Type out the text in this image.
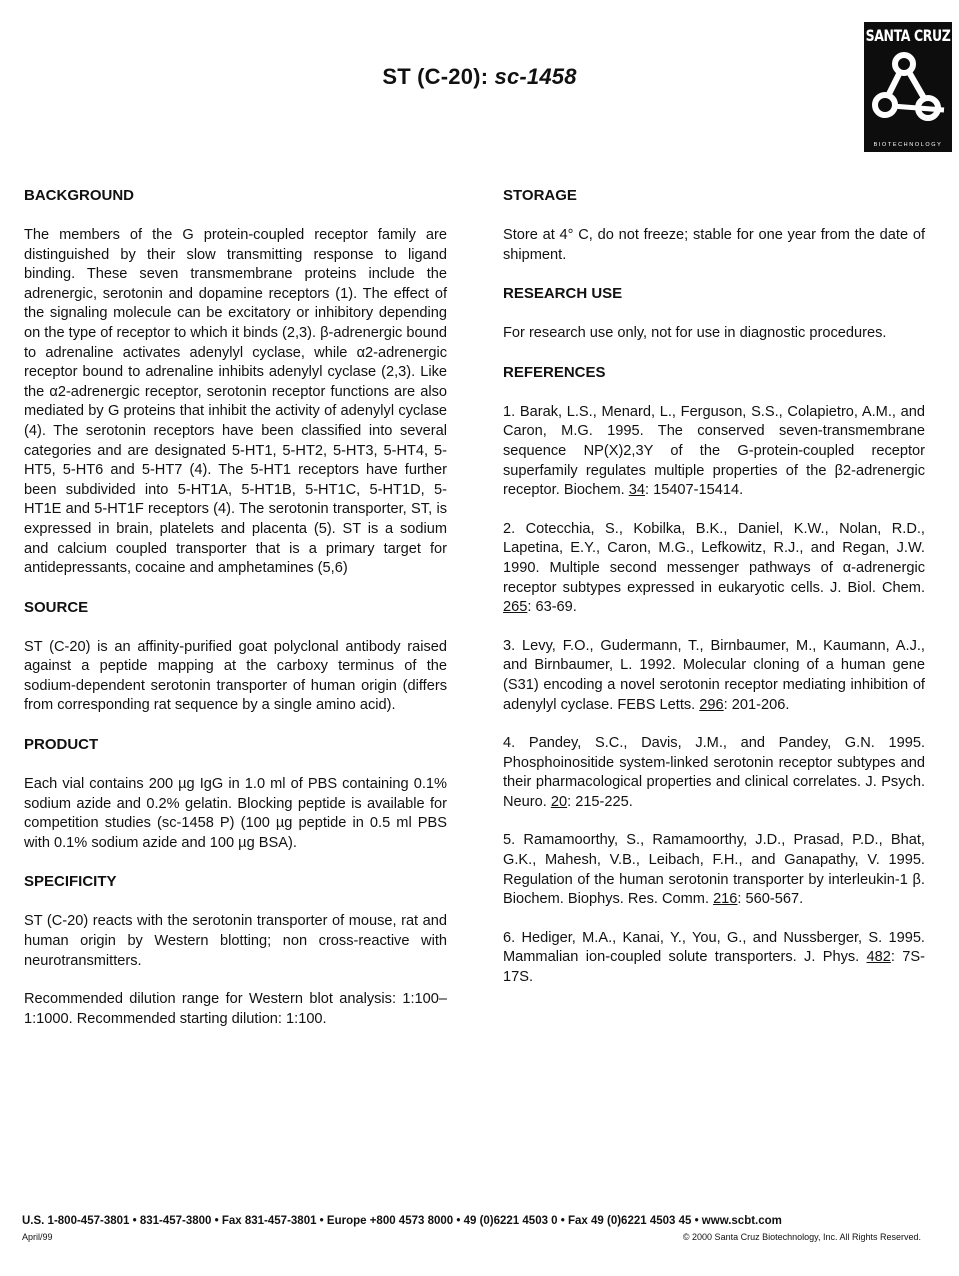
ST (C-20): sc-1458
SANTA CRUZ
BIOTECHNOLOGY
BACKGROUND

The members of the G protein-coupled receptor family are distinguished by their slow transmitting response to ligand binding. These seven transmembrane proteins include the adrenergic, serotonin and dopamine receptors (1). The effect of the signaling molecule can be excitatory or inhibitory depending on the type of receptor to which it binds (2,3). β-adrenergic bound to adrenaline activates adenylyl cyclase, while α2-adrenergic receptor bound to adrenaline inhibits adenylyl cyclase (2,3). Like the α2-adrenergic receptor, serotonin receptor functions are also mediated by G proteins that inhibit the activity of adenylyl cyclase (4). The serotonin receptors have been classified into several categories and are designated 5-HT1, 5-HT2, 5-HT3, 5-HT4, 5-HT5, 5-HT6 and 5-HT7 (4). The 5-HT1 receptors have further been subdivided into 5-HT1A, 5-HT1B, 5-HT1C, 5-HT1D, 5-HT1E and 5-HT1F receptors (4). The serotonin transporter, ST, is expressed in brain, platelets and placenta (5). ST is a sodium and calcium coupled transporter that is a primary target for antidepressants, cocaine and amphetamines (5,6)

SOURCE

ST (C-20) is an affinity-purified goat polyclonal antibody raised against a peptide mapping at the carboxy terminus of the sodium-dependent serotonin transporter of human origin (differs from corresponding rat sequence by a single amino acid).

PRODUCT

Each vial contains 200 µg IgG in 1.0 ml of PBS containing 0.1% sodium azide and 0.2% gelatin. Blocking peptide is available for competition studies (sc-1458 P) (100 µg peptide in 0.5 ml PBS with 0.1% sodium azide and 100 µg BSA).

SPECIFICITY

ST (C-20) reacts with the serotonin transporter of mouse, rat and human origin by Western blotting; non cross-reactive with neurotransmitters.

Recommended dilution range for Western blot analysis: 1:100–1:1000. Recommended starting dilution: 1:100.

STORAGE

Store at 4° C, do not freeze; stable for one year from the date of shipment.

RESEARCH USE

For research use only, not for use in diagnostic procedures.

REFERENCES
1. Barak, L.S., Menard, L., Ferguson, S.S., Colapietro, A.M., and Caron, M.G. 1995. The conserved seven-transmembrane sequence NP(X)2,3Y of the G-protein-coupled receptor superfamily regulates multiple properties of the β2-adrenergic receptor. Biochem. 34: 15407-15414.
2. Cotecchia, S., Kobilka, B.K., Daniel, K.W., Nolan, R.D., Lapetina, E.Y., Caron, M.G., Lefkowitz, R.J., and Regan, J.W. 1990. Multiple second messenger pathways of α-adrenergic receptor subtypes expressed in eukaryotic cells. J. Biol. Chem. 265: 63-69.
3. Levy, F.O., Gudermann, T., Birnbaumer, M., Kaumann, A.J., and Birnbaumer, L. 1992. Molecular cloning of a human gene (S31) encoding a novel serotonin receptor mediating inhibition of adenylyl cyclase. FEBS Letts. 296: 201-206.
4. Pandey, S.C., Davis, J.M., and Pandey, G.N. 1995. Phosphoinositide system-linked serotonin receptor subtypes and their pharmacological properties and clinical correlates. J. Psych. Neuro. 20: 215-225.
5. Ramamoorthy, S., Ramamoorthy, J.D., Prasad, P.D., Bhat, G.K., Mahesh, V.B., Leibach, F.H., and Ganapathy, V. 1995. Regulation of the human serotonin transporter by interleukin-1 β. Biochem. Biophys. Res. Comm. 216: 560-567.
6. Hediger, M.A., Kanai, Y., You, G., and Nussberger, S. 1995. Mammalian ion-coupled solute transporters. J. Phys. 482: 7S-17S.
U.S. 1-800-457-3801 • 831-457-3800 • Fax 831-457-3801 • Europe +800 4573 8000 • 49 (0)6221 4503 0 • Fax 49 (0)6221 4503 45 • www.scbt.com
April/99	© 2000 Santa Cruz Biotechnology, Inc. All Rights Reserved.
